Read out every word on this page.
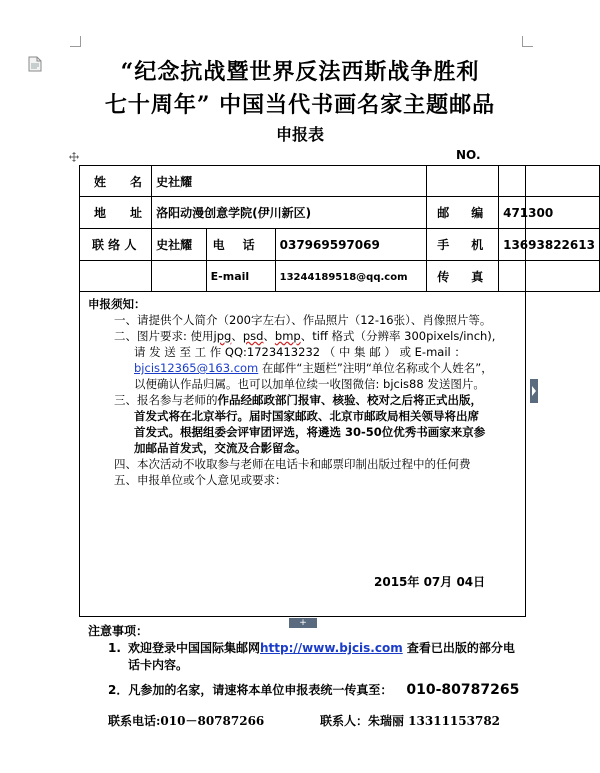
“纪念抗战暨世界反法西斯战争胜利
七十周年” 中国当代书画名家主题邮品
申报表
NO.
姓　名	史社耀				

地　址	洛阳动漫创意学院(伊川新区)			邮　编	471300
联 络 人	史社耀	电　话	037969597069	手　机	13693822613
		E-mail	13244189518@qq.com	传　真	

申报须知：

一、请提供个人简介（200字左右）、作品照片（12-16张）、肖像照片等。

二、图片要求: 使用jpg、psd、bmp、tiff 格式（分辨率 300pixels/inch),

请 发 送 至 工 作 QQ:1723413232 （ 中 集 邮 ） 或 E-mail ：

bjcis12365@163.com 在邮件“主题栏”注明“单位名称或个人姓名”，

以便确认作品归属。也可以加单位续一收图微信: bjcis88 发送图片。

三、报名参与老师的作品经邮政部门报审、核验、校对之后将正式出版，

首发式将在北京举行。届时国家邮政、北京市邮政局相关领导将出席

首发式。根据组委会评审团评选，将遴选 30-50位优秀书画家来京参

加邮品首发式，交流及合影留念。

四、本次活动不收取参与老师在电话卡和邮票印制出版过程中的任何费

五、申报单位或个人意见或要求：

2015年 07月 04日
+
注意事项：
1. 欢迎登录中国国际集邮网http://www.bjcis.com 查看已出版的部分电
话卡内容。
2．凡参加的名家，请速将本单位申报表统一传真至： 010-80787265
联系电话:010－80787266	联系人：朱瑞丽 13311153782
